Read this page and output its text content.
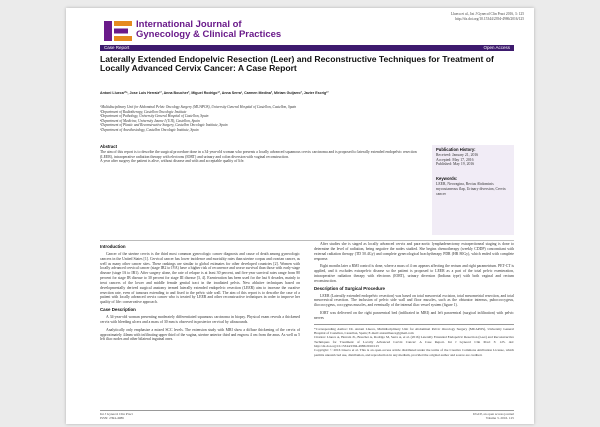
Llueca et al., Int J Gynecol Clin Pract 2016, 3: 125
http://dx.doi.org/10.15344/2394-4986/2016/125
International Journal of
Gynecology & Clinical Practices
Case Report	Open Access
Laterally Extended Endopelvic Resection (Leer) and Reconstructive Techniques for Treatment of Locally Advanced Cervix Cancer: A Case Report
Antoni Llueca¹²*, Jose Luis Herraiz¹², Anna Boucher², Miguel Rodrigo¹², Anna Serra¹, Carmen Medina², Miriam Guijarro², Javier Escrig¹²
¹Multidisciplinary Unit for Abdominal Pelvic Oncology Surgery (MUAPOS), University General Hospital of Castellon, Castellon, Spain
²Department of Radiotherapy, Castellon Oncologic Institute
³Department of Pathology, University General Hospital of Castellon, Spain
⁴Department of Medicine, University Jaume I (UJI), Castellon, Spain
⁵Department of Plastic and Reconstructive Surgery, Castellon Oncologic Institute, Spain
⁶Department of Anesthesiology, Castellon Oncologic Institute, Spain
Abstract
The aim of this report is to describe the surgical procedure done in a 34-year-old woman who presents a locally advanced squamous cervix carcinoma and is proposed to laterally extended endopelvic resection (LEER), intraoperative radiation therapy with electrons (IORT) and urinary and colon diversion with vaginal reconstruction.
A year after surgery the patient is alive, without disease and with and acceptable quality of life.
Publication History:
Received: January 21, 2016
Accepted: May 17, 2016
Published: May 19, 2016
Keywords:
LEER, Neovagina, Rectus Abdominis myocutaneous flap, Urinary diversion, Cervix cancer
Introduction
Cancer of the uterine cervix is the third most common gynecologic cancer diagnosis and cause of death among gynecologic cancers in the United States [1]. Cervical cancer has lower incidence and mortality rates than uterine corpus and ovarian cancer, as well as many other cancer sites. These rankings are similar to global estimates for other developed countries [2]. Women with locally advanced cervical cancer (stage IB2 to IVA) have a higher risk of recurrence and worse survival than those with early-stage disease (stage IA to IB1). After surgery alone, the rate of relapse is at least 30 percent, and five-year survival rates range from 80 percent for stage IB disease to 30 percent for stage III disease [3, 4]. Exenteration has been used for the last 6 decades, mainly to treat cancers of the lower and middle female genital tract in the irradiated pelvis. New ablative techniques based on developmentally derived surgical anatomy termed laterally extended endopelvic resection (LEER) aim to increase the curative resection rate, even of tumours extending to and fixed to the pelvic side wall. The aim of this report is to describe the case of a patient with locally advanced cervix cancer who is treated by LEER and other reconstructive techniques in order to improve her quality of life: conservative approach.
Case Description
A 34-year-old woman presenting moderately differentiated squamous carcinoma in biopsy. Physical exam reveals a thickened cervix with bleeding ulcers and a mass of 30 mm is observed in posterior cervical by ultrasounds.
Analytically only emphasize a mixed SCC levels. The extension study with MRI show a diffuse thickening of the cervix of approximately 44mm with infiltrating upper third of the vagina, uterine anterior third and engross 4 cm from the anus. As well as 5 left iliac nodes and other bilateral inguinal ones.
After studies she is staged as locally advanced cervix and para-aortic lymphadenectomy extraperitoneal staging is done to determine the level of radiation, being negative the nodes studied. She begins chemotherapy (weekly CDDP) concomitant with external radiation therapy (TD 50.4Gy) and complete gynecological brachytherapy PDR (HR 80Gy), which ended with complete response.
Eight months later a RMI control is done, where a mass of 4 cm appears affecting the rectum and right parametrium. PET-CT is applied, and it excludes extrapelvic disease so the patient is proposed to LEER as a part of the total pelvic exenteration, intraoperative radiation therapy with electrons (IORT), urinary diversion (Indiana type) with both vaginal and rectum reconstruction.
Description of Surgical Procedure
LEER (Laterally extended endopelvic resection) was based on total mesorectal excision, total mesometrial resection, and total mesovesical resection. The inclusion of pelvic side wall and floor muscles, such as the obturator internus, pubococcygeus, iliococcygeus, coccygeus muscles, and eventually of the internal iliac vessel system (figure 1).
IORT was delivered on the right paraventral bed (infiltrated in MRI) and left paraventral (surgical infiltration) with pelvic nerves
*Corresponding Author: Dr. Antoni Llueca, Multidisciplinary Unit for Abdominal Pelvic Oncology Surgery (MUAPOS), University General Hospital of Castellon, Castellon, Spain; E-mail: antonillueca@gmail.com
Citation: Llueca A, Herraiz JL, Boucher A, Rodrigo M, Serra A, et al. (2016) Laterally Extended Endopelvic Resection (Leer) and Reconstructive Techniques for Treatment of Locally Advanced Cervix Cancer: A Case Report. Int J Gynecol Clin Pract 3: 125. doi: http://dx.doi.org/10.15344/2394-4986/2016/125
Copyright: © 2016 Llueca et al. This is an open-access article distributed under the terms of the Creative Commons Attribution License, which permits unrestricted use, distribution, and reproduction in any medium, provided the original author and source are credited.
Int J Gynecol Clin Pract
ISSN: 2394-4986
IJGCP, an open access journal
Volume 3. 2016. 125
